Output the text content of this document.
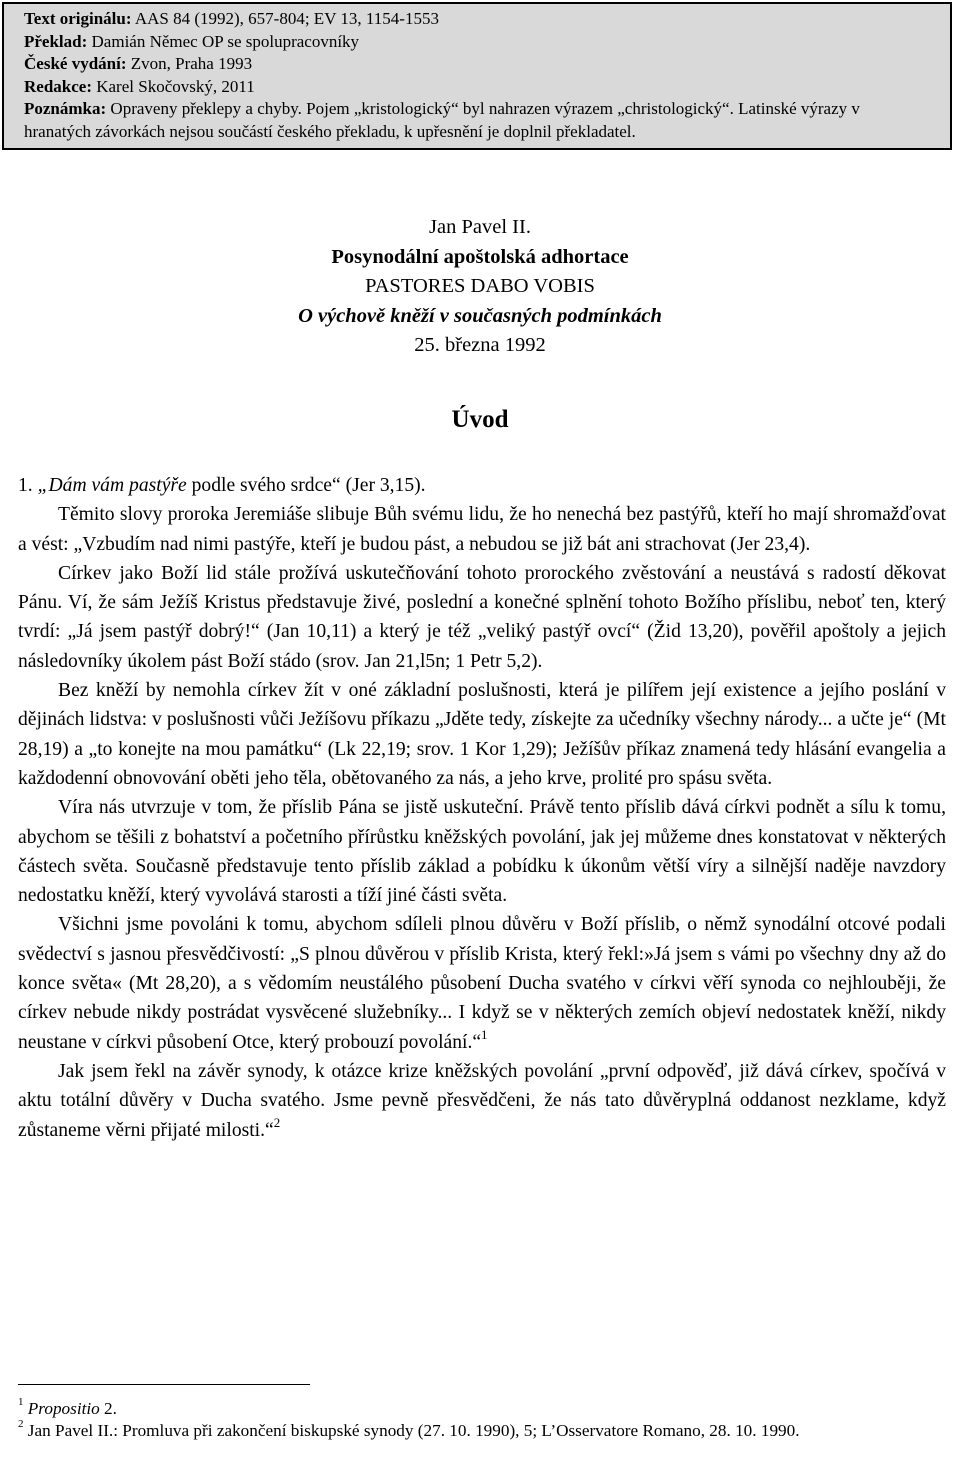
Text originálu: AAS 84 (1992), 657-804; EV 13, 1154-1553
Překlad: Damián Němec OP se spolupracovníky
České vydání: Zvon, Praha 1993
Redakce: Karel Skočovský, 2011
Poznámka: Opraveny překlepy a chyby. Pojem „kristologický“ byl nahrazen výrazem „christologický“. Latinské výrazy v hranatých závorkách nejsou součástí českého překladu, k upřesnění je doplnil překladatel.
Jan Pavel II.
Posynodální apoštolská adhortace
PASTORES DABO VOBIS
O výchově kněží v současných podmínkách
25. března 1992
Úvod

1. „Dám vám pastýře podle svého srdce“ (Jer 3,15).

Těmito slovy proroka Jeremiáše slibuje Bůh svému lidu, že ho nenechá bez pastýřů, kteří ho mají shromažďovat a vést: „Vzbudím nad nimi pastýře, kteří je budou pást, a nebudou se již bát ani strachovat (Jer 23,4).

Církev jako Boží lid stále prožívá uskutečňování tohoto prorockého zvěstování a neustává s radostí děkovat Pánu. Ví, že sám Ježíš Kristus představuje živé, poslední a konečné splnění tohoto Božího příslibu, neboť ten, který tvrdí: „Já jsem pastýř dobrý!“ (Jan 10,11) a který je též „veliký pastýř ovcí“ (Žid 13,20), pověřil apoštoly a jejich následovníky úkolem pást Boží stádo (srov. Jan 21,l5n; 1 Petr 5,2).

Bez kněží by nemohla církev žít v oné základní poslušnosti, která je pilířem její existence a jejího poslání v dějinách lidstva: v poslušnosti vůči Ježíšovu příkazu „Jděte tedy, získejte za učedníky všechny národy... a učte je“ (Mt 28,19) a „to konejte na mou památku“ (Lk 22,19; srov. 1 Kor 1,29); Ježíšův příkaz znamená tedy hlásání evangelia a každodenní obnovování oběti jeho těla, obětovaného za nás, a jeho krve, prolité pro spásu světa.

Víra nás utvrzuje v tom, že příslib Pána se jistě uskuteční. Právě tento příslib dává církvi podnět a sílu k tomu, abychom se těšili z bohatství a početního přírůstku kněžských povolání, jak jej můžeme dnes konstatovat v některých částech světa. Současně představuje tento příslib základ a pobídku k úkonům větší víry a silnější naděje navzdory nedostatku kněží, který vyvolává starosti a tíží jiné části světa.

Všichni jsme povoláni k tomu, abychom sdíleli plnou důvěru v Boží příslib, o němž synodální otcové podali svědectví s jasnou přesvědčivostí: „S plnou důvěrou v příslib Krista, který řekl:»Já jsem s vámi po všechny dny až do konce světa« (Mt 28,20), a s vědomím neustálého působení Ducha svatého v církvi věří synoda co nejhlouběji, že církev nebude nikdy postrádat vysvěcené služebníky... I když se v některých zemích objeví nedostatek kněží, nikdy neustane v církvi působení Otce, který probouzí povolání.“$^1$

Jak jsem řekl na závěr synody, k otázce krize kněžských povolání „první odpověď, již dává církev, spočívá v aktu totální důvěry v Ducha svatého. Jsme pevně přesvědčeni, že nás tato důvěryplná oddanost nezklame, když zůstaneme věrni přijaté milosti.“$^2$

$^1$ Propositio 2.

$^2$ Jan Pavel II.: Promluva při zakončení biskupské synody (27. 10. 1990), 5; L’Osservatore Romano, 28. 10. 1990.
